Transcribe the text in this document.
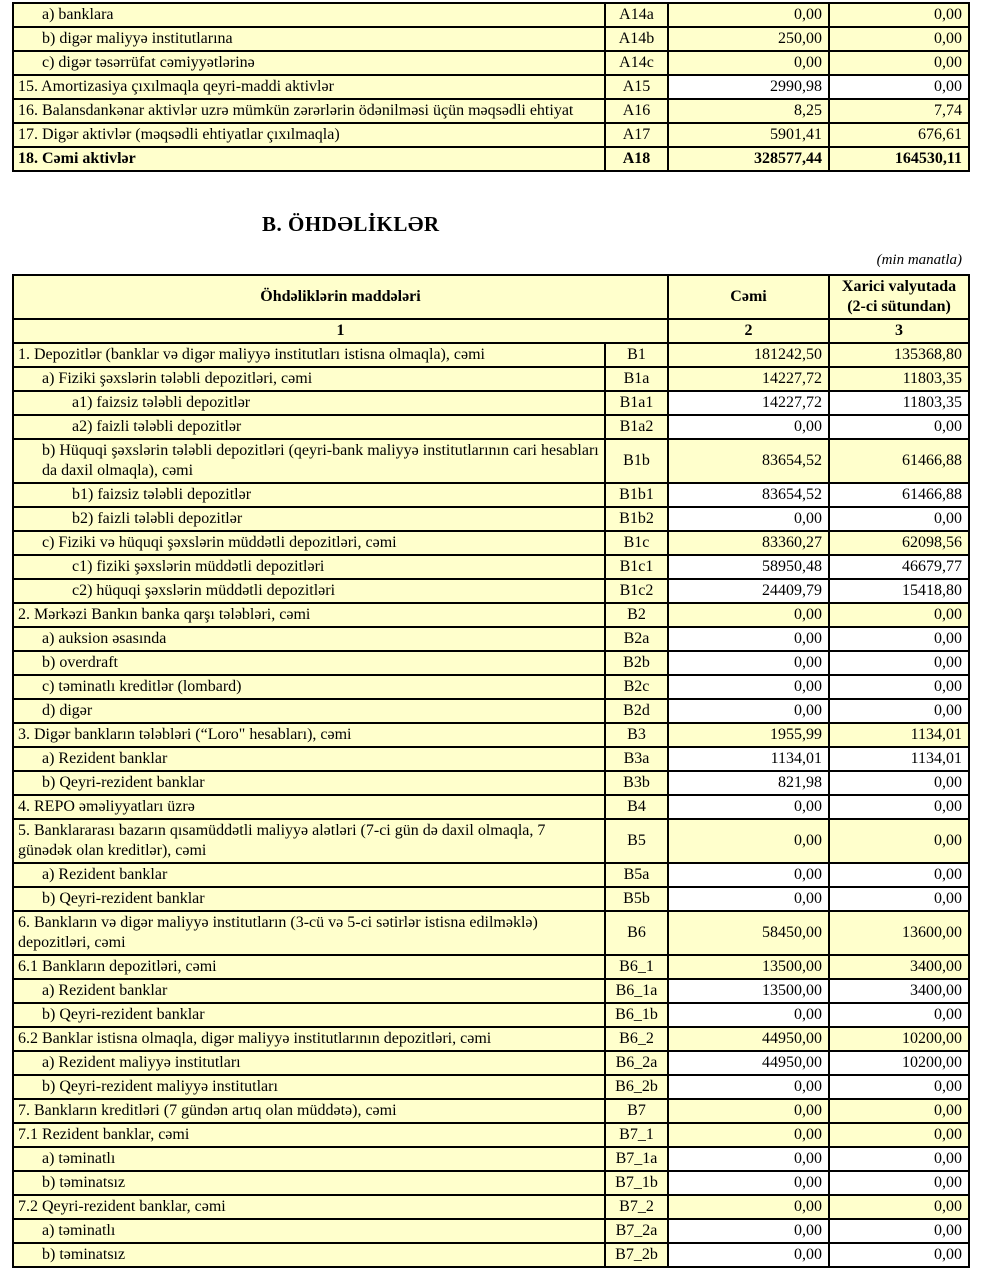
a) banklara	A14a	0,00	0,00
b) digər maliyyə institutlarına	A14b	250,00	0,00
c) digər təsərrüfat cəmiyyətlərinə	A14c	0,00	0,00
15. Amortizasiya çıxılmaqla qeyri-maddi aktivlər	A15	2990,98	0,00
16. Balansdankənar aktivlər uzrə mümkün zərərlərin ödənilməsi üçün məqsədli ehtiyat	A16	8,25	7,74
17. Digər aktivlər (məqsədli ehtiyatlar çıxılmaqla)	A17	5901,41	676,61
18. Cəmi aktivlər	A18	328577,44	164530,11
B. ÖHDƏLİKLƏR
(min manatla)
Öhdəliklərin maddələri		Cəmi	Xarici valyutada (2-ci sütundan)
1		2	3
1. Depozitlər (banklar və digər maliyyə institutları istisna olmaqla), cəmi	B1	181242,50	135368,80
a) Fiziki şəxslərin tələbli depozitləri, cəmi	B1a	14227,72	11803,35
a1) faizsiz tələbli depozitlər	B1a1	14227,72	11803,35
a2) faizli tələbli depozitlər	B1a2	0,00	0,00
b) Hüquqi şəxslərin tələbli depozitləri (qeyri-bank maliyyə institutlarının cari hesabları da daxil olmaqla), cəmi	B1b	83654,52	61466,88
b1) faizsiz tələbli depozitlər	B1b1	83654,52	61466,88
b2) faizli tələbli depozitlər	B1b2	0,00	0,00
c) Fiziki və hüquqi şəxslərin müddətli depozitləri, cəmi	B1c	83360,27	62098,56
c1) fiziki şəxslərin müddətli depozitləri	B1c1	58950,48	46679,77
c2) hüquqi şəxslərin müddətli depozitləri	B1c2	24409,79	15418,80
2. Mərkəzi Bankın banka qarşı tələbləri, cəmi	B2	0,00	0,00
a) auksion əsasında	B2a	0,00	0,00
b) overdraft	B2b	0,00	0,00
c) təminatlı kreditlər (lombard)	B2c	0,00	0,00
d) digər	B2d	0,00	0,00
3. Digər bankların tələbləri (“Loro" hesabları), cəmi	B3	1955,99	1134,01
a) Rezident banklar	B3a	1134,01	1134,01
b) Qeyri-rezident banklar	B3b	821,98	0,00
4. REPO əməliyyatları üzrə	B4	0,00	0,00
5. Banklararası bazarın qısamüddətli maliyyə alətləri (7-ci gün də daxil olmaqla, 7 günədək olan kreditlər), cəmi	B5	0,00	0,00
a) Rezident banklar	B5a	0,00	0,00
b) Qeyri-rezident banklar	B5b	0,00	0,00
6. Bankların və digər maliyyə institutların (3-cü və 5-ci sətirlər istisna edilməklə) depozitləri, cəmi	B6	58450,00	13600,00
6.1 Bankların depozitləri, cəmi	B6_1	13500,00	3400,00
a) Rezident banklar	B6_1a	13500,00	3400,00
b) Qeyri-rezident banklar	B6_1b	0,00	0,00
6.2 Banklar istisna olmaqla, digər maliyyə institutlarının depozitləri, cəmi	B6_2	44950,00	10200,00
a) Rezident maliyyə institutları	B6_2a	44950,00	10200,00
b) Qeyri-rezident maliyyə institutları	B6_2b	0,00	0,00
7. Bankların kreditləri (7 gündən artıq olan müddətə), cəmi	B7	0,00	0,00
7.1 Rezident banklar, cəmi	B7_1	0,00	0,00
a) təminatlı	B7_1a	0,00	0,00
b) təminatsız	B7_1b	0,00	0,00
7.2 Qeyri-rezident banklar, cəmi	B7_2	0,00	0,00
a) təminatlı	B7_2a	0,00	0,00
b) təminatsız	B7_2b	0,00	0,00
